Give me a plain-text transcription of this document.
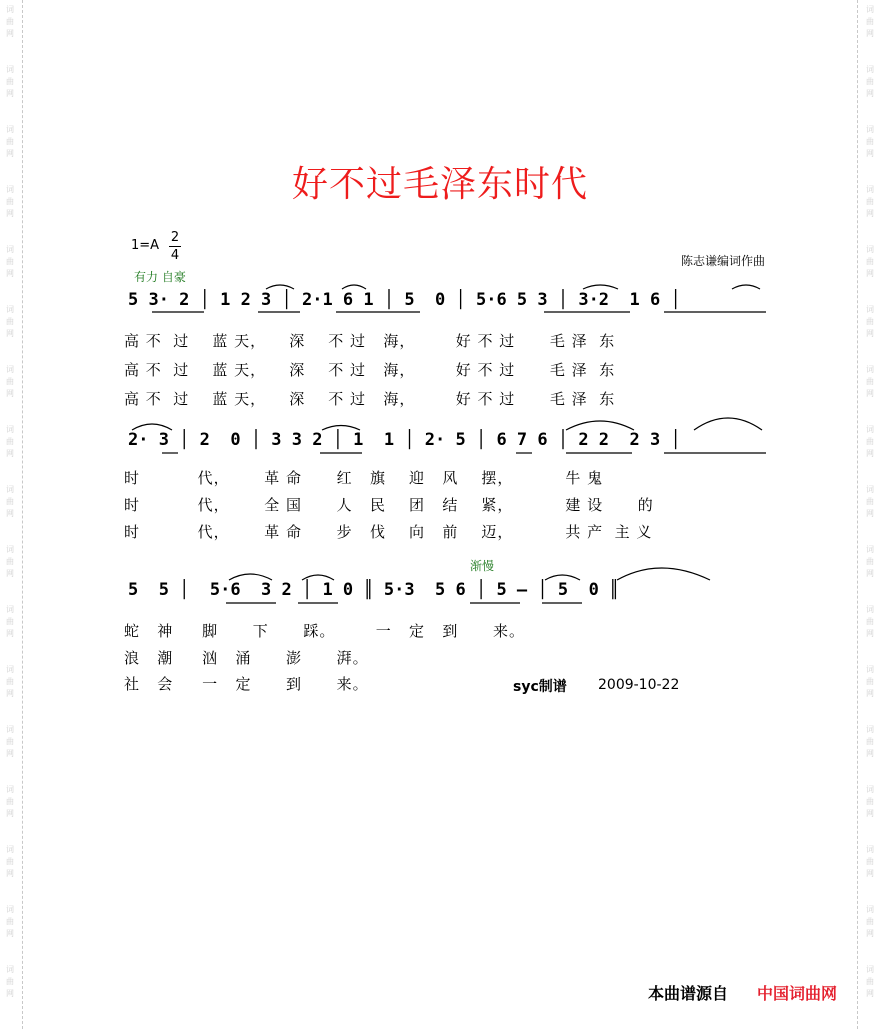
词
曲
网
词
曲
网
词
曲
网
词
曲
网
词
曲
网
词
曲
网
词
曲
网
词
曲
网
词
曲
网
词
曲
网
词
曲
网
词
曲
网
词
曲
网
词
曲
网
词
曲
网
词
曲
网
词
曲
网
词
曲
网
词
曲
网
词
曲
网
词
曲
网
词
曲
网
词
曲
网
词
曲
网
词
曲
网
词
曲
网
词
曲
网
词
曲
网
词
曲
网
词
曲
网
词
曲
网
词
曲
网
词
曲
网
词
曲
网
好不过毛泽东时代
1=A
2
4	陈志谦编词作曲
有力 自豪
渐慢
5 3· 2 │ 1 2 3 │ 2·1 6 1 │ 5  0 │ 5·6 5 3 │ 3·2  1 6 │
高 不  过    蓝 天，    深    不 过   海，       好 不 过      毛 泽  东
高 不  过    蓝 天，    深    不 过   海，       好 不 过      毛 泽  东
高 不  过    蓝 天，    深    不 过   海，       好 不 过      毛 泽  东
2· 3 │ 2  0 │ 3 3 2 │ 1  1 │ 2· 5 │ 6 7 6 │ 2 2  2 3 │
时          代，      革 命      红   旗    迎   风    摆，         牛 鬼
时          代，      全 国      人   民    团   结    紧，         建 设      的
时          代，      革 命      步   伐    向   前    迈，         共 产  主 义
5  5 │  5·6  3 2 │ 1 0 ║ 5·3  5 6 │ 5 – │ 5  0 ║
蛇   神     脚      下      踩。       一   定   到      来。
浪   潮     汹   涌      澎      湃。
社   会     一   定      到      来。	syc制谱 2009-10-22
本曲谱源自 中国词曲网
